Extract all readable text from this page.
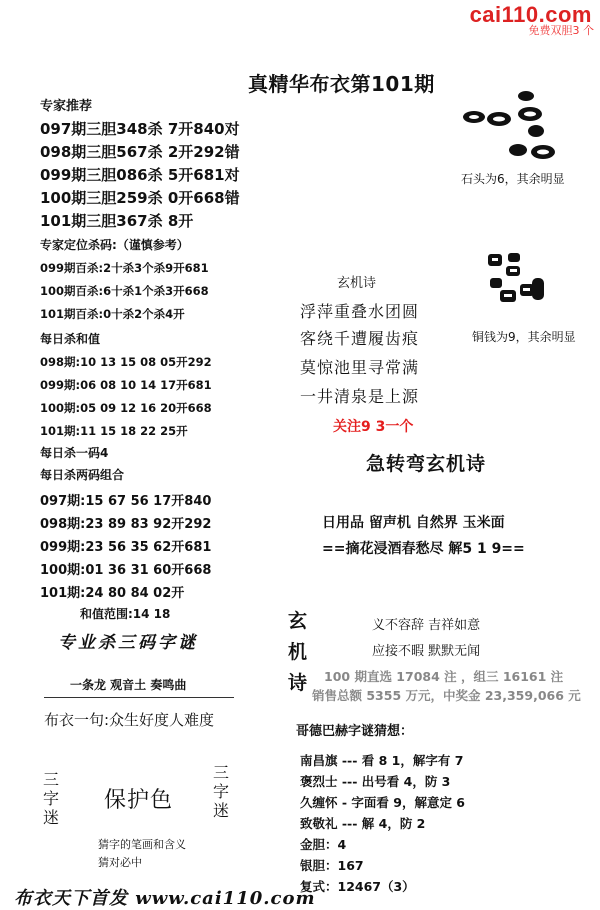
cai110.com
免费双胆3 个
真精华布衣第101期
专家推荐
097期三胆348杀 7开840对
098期三胆567杀 2开292错
099期三胆086杀 5开681对
100期三胆259杀 0开668错
101期三胆367杀 8开
专家定位杀码:（谨慎参考）
099期百杀:2十杀3个杀9开681
100期百杀:6十杀1个杀3开668
101期百杀:0十杀2个杀4开
每日杀和值
098期:10 13 15 08 05开292
099期:06 08 10 14 17开681
100期:05 09 12 16 20开668
101期:11 15 18 22 25开
每日杀一码4
每日杀两码组合
097期:15 67 56 17开840
098期:23 89 83 92开292
099期:23 56 35 62开681
100期:01 36 31 60开668
101期:24 80 84 02开
和值范围:14 18
专业杀三码字谜
一条龙 观音土 奏鸣曲
布衣一句:众生好度人难度
三字迷
保护色
三字迷
猜字的笔画和含义
猜对必中
石头为6，其余明显
铜钱为9，其余明显
玄机诗
浮萍重叠水团圆
客绕千遭履齿痕
莫惊池里寻常满
一井清泉是上源
关注9 3一个
急转弯玄机诗
日用品 留声机 自然界 玉米面
==摘花浸酒春愁尽 解5 1 9==
玄机诗
义不容辞 吉祥如意
应接不暇 默默无闻
100 期直选 17084 注 ，组三 16161 注
销售总额 5355 万元，中奖金 23,359,066 元
哥德巴赫字谜猜想：
南昌旗 --- 看 8 1，解字有 7
褒烈士 --- 出号看 4，防 3
久缠怀 - 字面看 9，解意定 6
致敬礼 --- 解 4，防 2
金胆：4
银胆：167
复式：12467（3）
布衣天下首发 www.cai110.com
